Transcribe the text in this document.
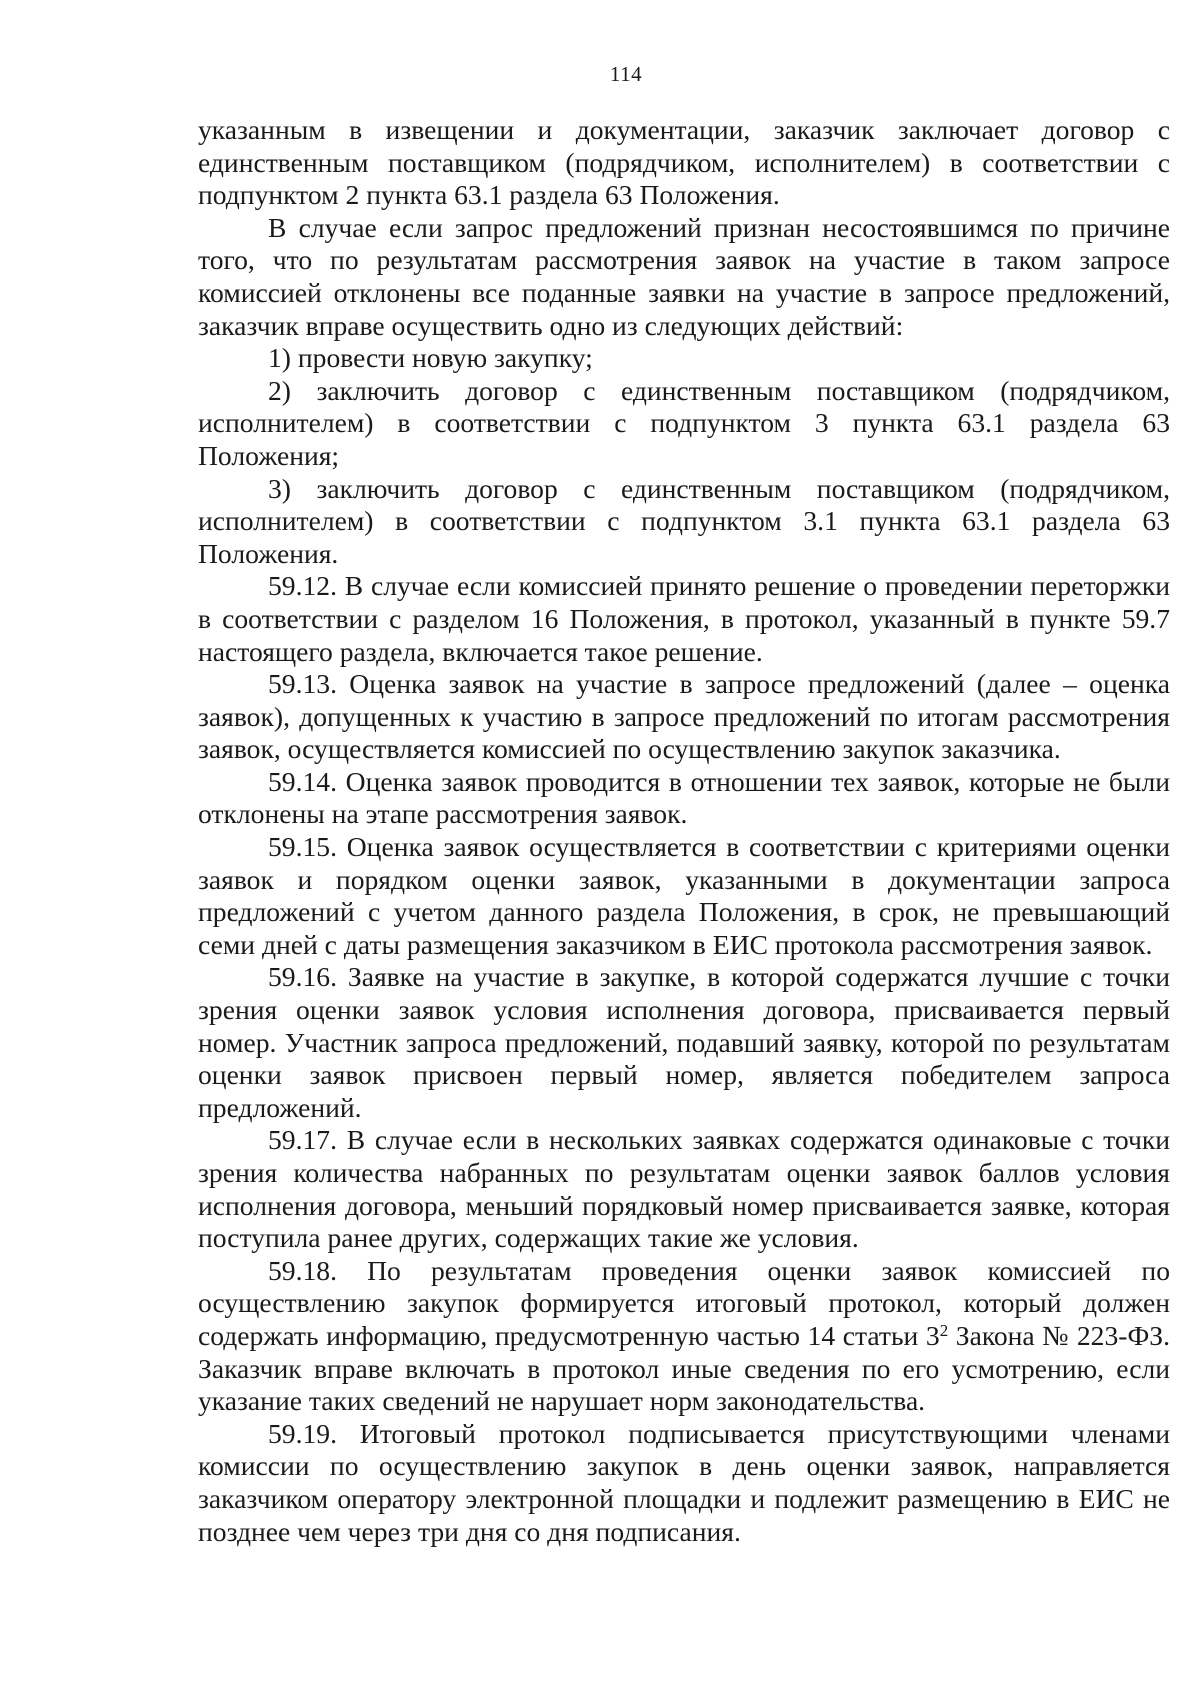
114

указанным в извещении и документации, заказчик заключает договор с единственным поставщиком (подрядчиком, исполнителем) в соответствии с подпунктом 2 пункта 63.1 раздела 63 Положения.

В случае если запрос предложений признан несостоявшимся по причине того, что по результатам рассмотрения заявок на участие в таком запросе комиссией отклонены все поданные заявки на участие в запросе предложений, заказчик вправе осуществить одно из следующих действий:

1) провести новую закупку;

2) заключить договор с единственным поставщиком (подрядчиком, исполнителем) в соответствии с подпунктом 3 пункта 63.1 раздела 63 Положения;

3) заключить договор с единственным поставщиком (подрядчиком, исполнителем) в соответствии с подпунктом 3.1 пункта 63.1 раздела 63 Положения.

59.12. В случае если комиссией принято решение о проведении переторжки в соответствии с разделом 16 Положения, в протокол, указанный в пункте 59.7 настоящего раздела, включается такое решение.

59.13. Оценка заявок на участие в запросе предложений (далее – оценка заявок), допущенных к участию в запросе предложений по итогам рассмотрения заявок, осуществляется комиссией по осуществлению закупок заказчика.

59.14. Оценка заявок проводится в отношении тех заявок, которые не были отклонены на этапе рассмотрения заявок.

59.15. Оценка заявок осуществляется в соответствии с критериями оценки заявок и порядком оценки заявок, указанными в документации запроса предложений с учетом данного раздела Положения, в срок, не превышающий семи дней с даты размещения заказчиком в ЕИС протокола рассмотрения заявок.

59.16. Заявке на участие в закупке, в которой содержатся лучшие с точки зрения оценки заявок условия исполнения договора, присваивается первый номер. Участник запроса предложений, подавший заявку, которой по результатам оценки заявок присвоен первый номер, является победителем запроса предложений.

59.17. В случае если в нескольких заявках содержатся одинаковые с точки зрения количества набранных по результатам оценки заявок баллов условия исполнения договора, меньший порядковый номер присваивается заявке, которая поступила ранее других, содержащих такие же условия.

59.18. По результатам проведения оценки заявок комиссией по осуществлению закупок формируется итоговый протокол, который должен содержать информацию, предусмотренную частью 14 статьи $3^2$ Закона № 223-ФЗ. Заказчик вправе включать в протокол иные сведения по его усмотрению, если указание таких сведений не нарушает норм законодательства.

59.19. Итоговый протокол подписывается присутствующими членами комиссии по осуществлению закупок в день оценки заявок, направляется заказчиком оператору электронной площадки и подлежит размещению в ЕИС не позднее чем через три дня со дня подписания.
